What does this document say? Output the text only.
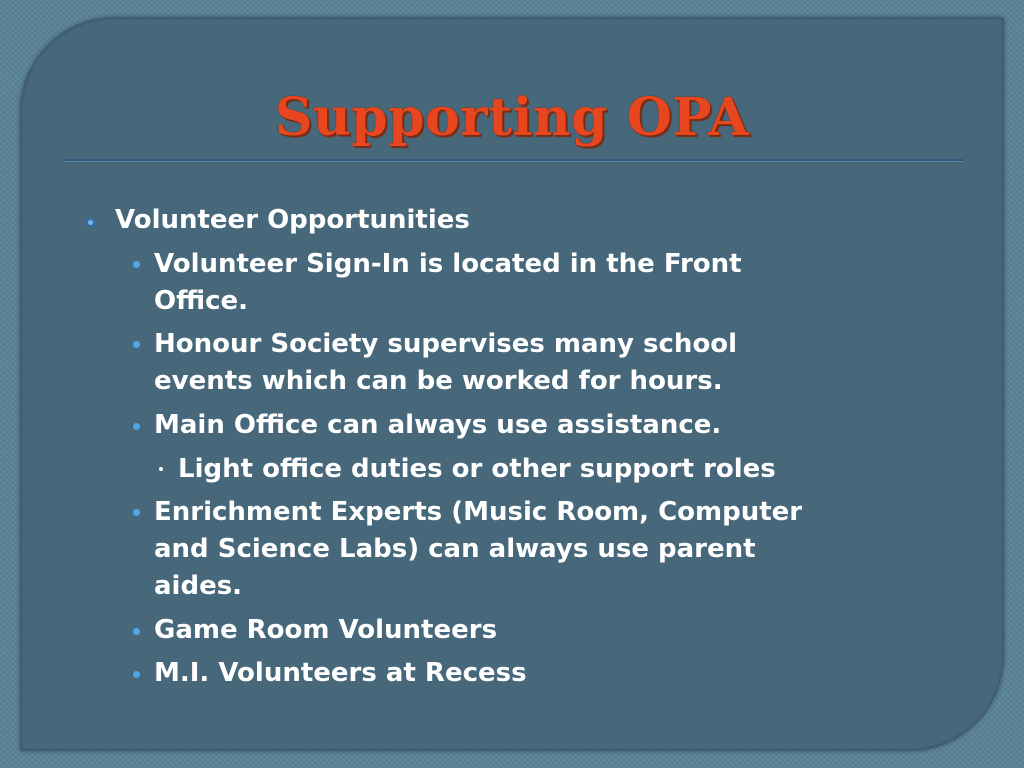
Supporting OPA
Volunteer Opportunities
Volunteer Sign-In is located in the Front
Office.
Honour Society supervises many school
events which can be worked for hours.
Main Office can always use assistance.
Light office duties or other support roles
Enrichment Experts (Music Room, Computer
and Science Labs) can always use parent
aides.
Game Room Volunteers
M.I. Volunteers at Recess
